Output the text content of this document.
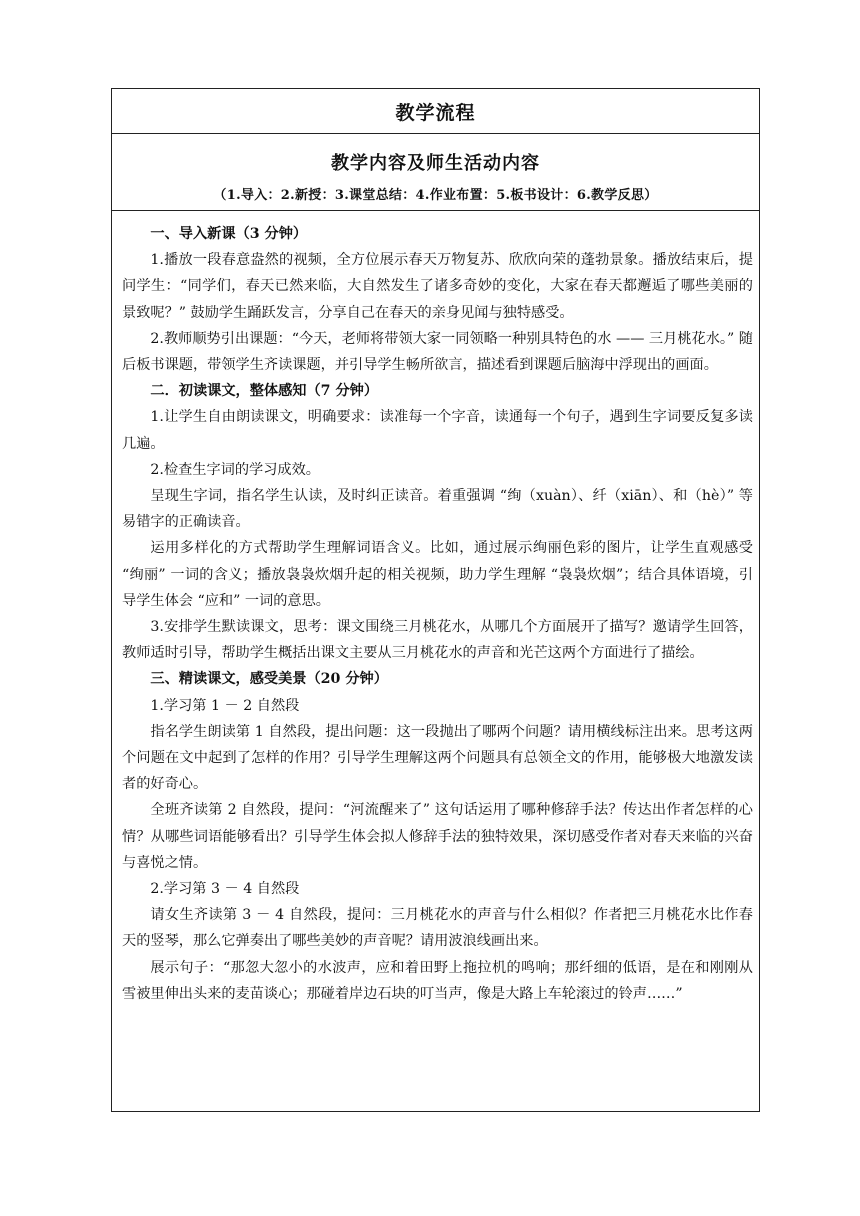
教学流程
教学内容及师生活动内容
（1.导入：2.新授：3.课堂总结：4.作业布置：5.板书设计：6.教学反思）

一、导入新课（3 分钟）

1.播放一段春意盎然的视频，全方位展示春天万物复苏、欣欣向荣的蓬勃景象。播放结束后，提问学生：“同学们，春天已然来临，大自然发生了诸多奇妙的变化，大家在春天都邂逅了哪些美丽的景致呢？” 鼓励学生踊跃发言，分享自己在春天的亲身见闻与独特感受。

2.教师顺势引出课题：“今天，老师将带领大家一同领略一种别具特色的水 —— 三月桃花水。” 随后板书课题，带领学生齐读课题，并引导学生畅所欲言，描述看到课题后脑海中浮现出的画面。

二．初读课文，整体感知（7 分钟）

1.让学生自由朗读课文，明确要求：读准每一个字音，读通每一个句子，遇到生字词要反复多读几遍。

2.检查生字词的学习成效。

呈现生字词，指名学生认读，及时纠正读音。着重强调 “绚（xuàn）、纤（xiān）、和（hè）” 等易错字的正确读音。

运用多样化的方式帮助学生理解词语含义。比如，通过展示绚丽色彩的图片，让学生直观感受 “绚丽” 一词的含义；播放袅袅炊烟升起的相关视频，助力学生理解 “袅袅炊烟”；结合具体语境，引导学生体会 “应和” 一词的意思。

3.安排学生默读课文，思考：课文围绕三月桃花水，从哪几个方面展开了描写？邀请学生回答，教师适时引导，帮助学生概括出课文主要从三月桃花水的声音和光芒这两个方面进行了描绘。

三、精读课文，感受美景（20 分钟）

1.学习第 1 － 2 自然段

指名学生朗读第 1 自然段，提出问题：这一段抛出了哪两个问题？请用横线标注出来。思考这两个问题在文中起到了怎样的作用？引导学生理解这两个问题具有总领全文的作用，能够极大地激发读者的好奇心。

全班齐读第 2 自然段，提问：“河流醒来了” 这句话运用了哪种修辞手法？传达出作者怎样的心情？从哪些词语能够看出？引导学生体会拟人修辞手法的独特效果，深切感受作者对春天来临的兴奋与喜悦之情。

2.学习第 3 － 4 自然段

请女生齐读第 3 － 4 自然段，提问：三月桃花水的声音与什么相似？作者把三月桃花水比作春天的竖琴，那么它弹奏出了哪些美妙的声音呢？请用波浪线画出来。

展示句子：“那忽大忽小的水波声，应和着田野上拖拉机的鸣响；那纤细的低语，是在和刚刚从雪被里伸出头来的麦苗谈心；那碰着岸边石块的叮当声，像是大路上车轮滚过的铃声……”
